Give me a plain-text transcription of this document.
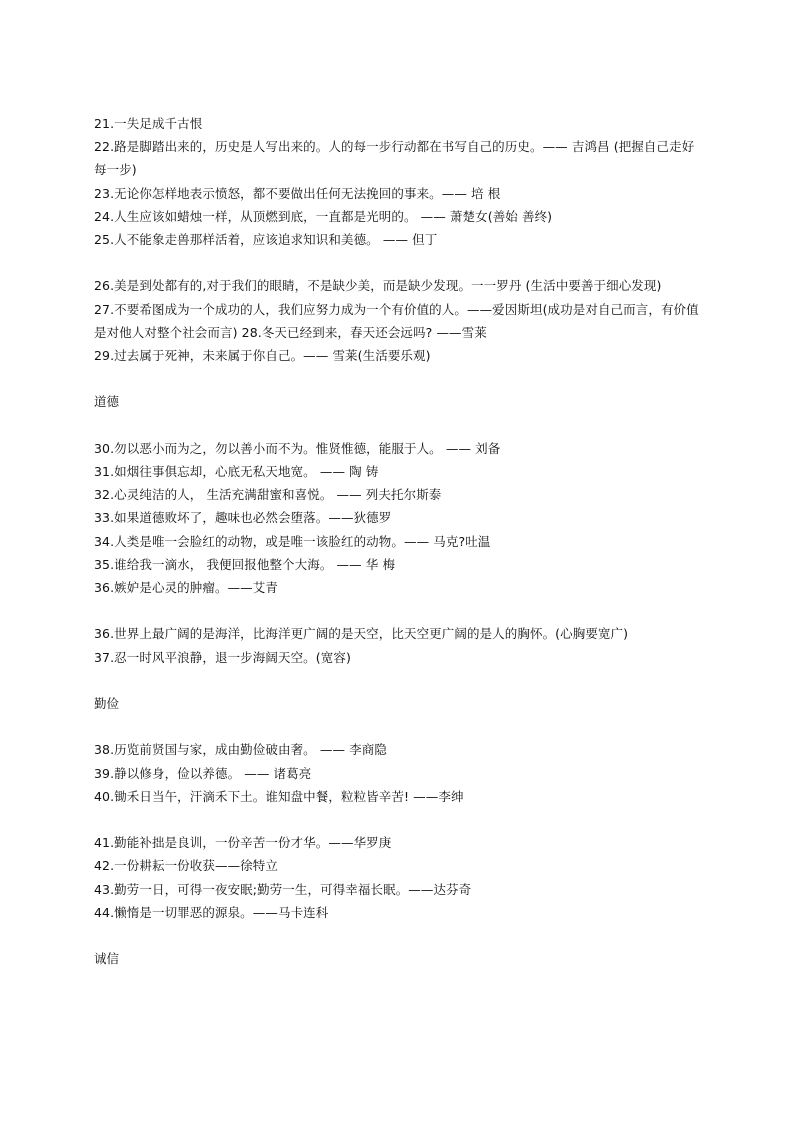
21.一失足成千古恨
22.路是脚踏出来的，历史是人写出来的。人的每一步行动都在书写自己的历史。—— 吉鸿昌 (把握自己走好每一步)
23.无论你怎样地表示愤怒，都不要做出任何无法挽回的事来。—— 培 根
24.人生应该如蜡烛一样，从顶燃到底，一直都是光明的。 —— 萧楚女(善始 善终)
25.人不能象走兽那样活着，应该追求知识和美德。 —— 但丁
26.美是到处都有的,对于我们的眼睛，不是缺少美，而是缺少发现。一一罗丹 (生活中要善于细心发现)
27.不要希图成为一个成功的人，我们应努力成为一个有价值的人。——爱因斯坦(成功是对自己而言，有价值是对他人对整个社会而言) 28.冬天已经到来，春天还会远吗? ——雪莱
29.过去属于死神，未来属于你自己。—— 雪莱(生活要乐观)
道德
30.勿以恶小而为之，勿以善小而不为。惟贤惟德，能服于人。 —— 刘备
31.如烟往事俱忘却，心底无私天地宽。 —— 陶 铸
32.心灵纯洁的人， 生活充满甜蜜和喜悦。 —— 列夫托尔斯泰
33.如果道德败坏了，趣味也必然会堕落。——狄德罗
34.人类是唯一会脸红的动物，或是唯一该脸红的动物。—— 马克?吐温
35.谁给我一滴水， 我便回报他整个大海。 —— 华 梅
36.嫉妒是心灵的肿瘤。——艾青
36.世界上最广阔的是海洋，比海洋更广阔的是天空，比天空更广阔的是人的胸怀。(心胸要宽广)
37.忍一时风平浪静，退一步海阔天空。(宽容)
勤俭
38.历览前贤国与家，成由勤俭破由奢。 —— 李商隐
39.静以修身，俭以养德。 —— 诸葛亮
40.锄禾日当午，汗滴禾下土。谁知盘中餐，粒粒皆辛苦! ——李绅
41.勤能补拙是良训，一份辛苦一份才华。——华罗庚
42.一份耕耘一份收获——徐特立
43.勤劳一日，可得一夜安眠;勤劳一生，可得幸福长眠。——达芬奇
44.懒惰是一切罪恶的源泉。——马卡连科
诚信
